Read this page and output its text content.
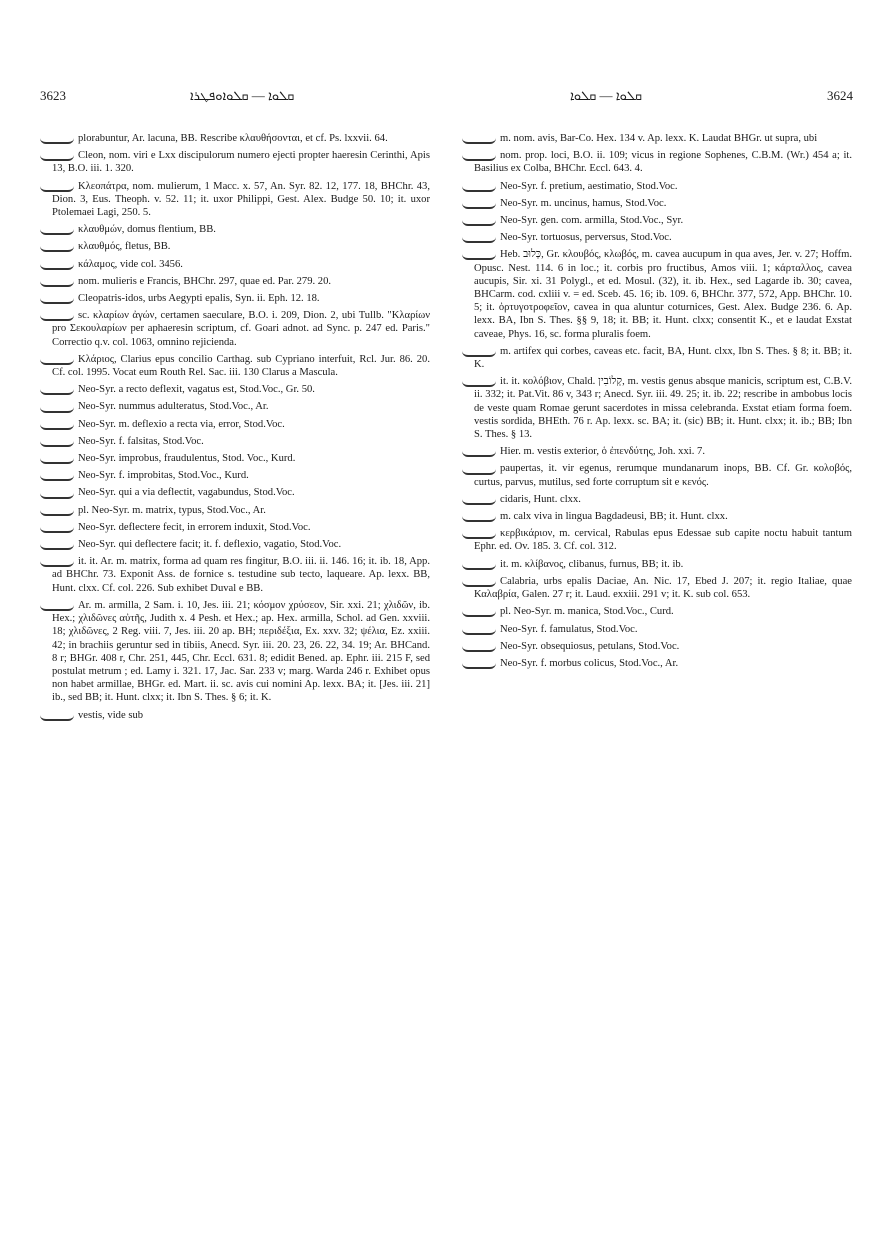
3623	ܩܠܘܐ — ܩܠܘܐܘܦܛܪܐ	ܩܠܘܐ — ܩܠܘܐ	3624

plorabuntur, Ar. lacuna, BB. Rescribe κλαυθήσονται, et cf. Ps. lxxvii. 64.

Cleon, nom. viri e Lxx discipulorum numero ejecti propter haeresin Cerinthi, Apis 13, B.O. iii. 1. 320.

Κλεοπάτρα, nom. mulierum, 1 Macc. x. 57, An. Syr. 82. 12, 177. 18, BHChr. 43, Dion. 3, Eus. Theoph. v. 52. 11; it. uxor Philippi, Gest. Alex. Budge 50. 10; it. uxor Ptolemaei Lagi, 250. 5.

κλαυθμών, domus flentium, BB.

κλαυθμός, fletus, BB.

κάλαμος, vide col. 3456.

nom. mulieris e Francis, BHChr. 297, quae ed. Par. 279. 20.

Cleopatris-idos, urbs Aegypti epalis, Syn. ii. Eph. 12. 18.

sc. κλαρίων ἀγών, certamen saeculare, B.O. i. 209, Dion. 2, ubi Tullb. "Κλαρίων pro Σεκουλαρίων per aphaeresin scriptum, cf. Goari adnot. ad Sync. p. 247 ed. Paris." Correctio q.v. col. 1063, omnino rejicienda.

Κλάριος, Clarius epus concilio Carthag. sub Cypriano interfuit, Rcl. Jur. 86. 20. Cf. col. 1995. Vocat eum Routh Rel. Sac. iii. 130 Clarus a Mascula.

Neo-Syr. a recto deflexit, vagatus est, Stod.Voc., Gr. 50.

Neo-Syr. nummus adulteratus, Stod.Voc., Ar.

Neo-Syr. m. deflexio a recta via, error, Stod.Voc.

Neo-Syr. f. falsitas, Stod.Voc.

Neo-Syr. improbus, fraudulentus, Stod. Voc., Kurd.

Neo-Syr. f. improbitas, Stod.Voc., Kurd.

Neo-Syr. qui a via deflectit, vagabundus, Stod.Voc.

pl. Neo-Syr. m. matrix, typus, Stod.Voc., Ar.

Neo-Syr. deflectere fecit, in errorem induxit, Stod.Voc.

Neo-Syr. qui deflectere facit; it. f. deflexio, vagatio, Stod.Voc.

it. it. Ar. m. matrix, forma ad quam res fingitur, B.O. iii. ii. 146. 16; it. ib. 18, App. ad BHChr. 73. Exponit Ass. de fornice s. testudine sub tecto, laqueare. Ap. lexx. BB, Hunt. clxx. Cf. col. 226. Sub exhibet Duval e BB.

Ar. m. armilla, 2 Sam. i. 10, Jes. iii. 21; κόσμον χρύσεον, Sir. xxi. 21; χλιδῶν, ib. Hex.; χλιδῶνες αὐτῆς, Judith x. 4 Pesh. et Hex.; ap. Hex. armilla, Schol. ad Gen. xxviii. 18; χλιδῶνες, 2 Reg. viii. 7, Jes. iii. 20 ap. BH; περιδέξια, Ex. xxv. 32; ψέλια, Ez. xxiii. 42; in brachiis geruntur sed in tibiis, Anecd. Syr. iii. 20. 23, 26. 22, 34. 19; Ar. BHCand. 8 r; BHGr. 408 r, Chr. 251, 445, Chr. Eccl. 631. 8; edidit Bened. ap. Ephr. iii. 215 F, sed postulat metrum ; ed. Lamy i. 321. 17, Jac. Sar. 233 v; marg. Warda 246 r. Exhibet opus non habet armillae, BHGr. ed. Mart. ii. sc. avis cui nomini Ap. lexx. BA; it. [Jes. iii. 21] ib., sed BB; it. Hunt. clxx; it. Ibn S. Thes. § 6; it. K.

vestis, vide sub

m. nom. avis, Bar-Co. Hex. 134 v. Ap. lexx. K. Laudat BHGr. ut supra, ubi

nom. prop. loci, B.O. ii. 109; vicus in regione Sophenes, C.B.M. (Wr.) 454 a; it. Basilius ex Colba, BHChr. Eccl. 643. 4.

Neo-Syr. f. pretium, aestimatio, Stod.Voc.

Neo-Syr. m. uncinus, hamus, Stod.Voc.

Neo-Syr. gen. com. armilla, Stod.Voc., Syr.

Neo-Syr. tortuosus, perversus, Stod.Voc.

Heb. כְּלוּב, Gr. κλουβός, κλωβός, m. cavea aucupum in qua aves, Jer. v. 27; Hoffm. Opusc. Nest. 114. 6 in loc.; it. corbis pro fructibus, Amos viii. 1; κάρταλλος, cavea aucupis, Sir. xi. 31 Polygl., et ed. Mosul. (32), it. ib. Hex., sed Lagarde ib. 30; cavea, BHCarm. cod. cxliii v. = ed. Sceb. 45. 16; ib. 109. 6, BHChr. 377, 572, App. BHChr. 10. 5; it. ὀρτυγοτροφεῖον, cavea in qua aluntur coturnices, Gest. Alex. Budge 236. 6. Ap. lexx. BA, Ibn S. Thes. §§ 9, 18; it. BB; it. Hunt. clxx; consentit K., et e laudat Exstat caveae, Phys. 16, sc. forma pluralis foem.

m. artifex qui corbes, caveas etc. facit, BA, Hunt. clxx, Ibn S. Thes. § 8; it. BB; it. K.

it. it. κολόβιον, Chald. קְלוֹבִין, m. vestis genus absque manicis, scriptum est, C.B.V. ii. 332; it. Pat.Vit. 86 v, 343 r; Anecd. Syr. iii. 49. 25; it. ib. 22; rescribe in ambobus locis de veste quam Romae gerunt sacerdotes in missa celebranda. Exstat etiam forma foem. vestis sordida, BHEth. 76 r. Ap. lexx. sc. BA; it. (sic) BB; it. Hunt. clxx; it. ib.; BB; Ibn S. Thes. § 13.

Hier. m. vestis exterior, ὁ ἐπενδύτης, Joh. xxi. 7.

paupertas, it. vir egenus, rerumque mundanarum inops, BB. Cf. Gr. κολοβός, curtus, parvus, mutilus, sed forte corruptum sit e κενός.

cidaris, Hunt. clxx.

m. calx viva in lingua Bagdadeusi, BB; it. Hunt. clxx.

κερβικάριον, m. cervical, Rabulas epus Edessae sub capite noctu habuit tantum Ephr. ed. Ov. 185. 3. Cf. col. 312.

it. m. κλίβανος, clibanus, furnus, BB; it. ib.

Calabria, urbs epalis Daciae, An. Nic. 17, Ebed J. 207; it. regio Italiae, quae Καλαβρία, Galen. 27 r; it. Laud. exxiii. 291 v; it. K. sub col. 653.

pl. Neo-Syr. m. manica, Stod.Voc., Curd.

Neo-Syr. f. famulatus, Stod.Voc.

Neo-Syr. obsequiosus, petulans, Stod.Voc.

Neo-Syr. f. morbus colicus, Stod.Voc., Ar.
